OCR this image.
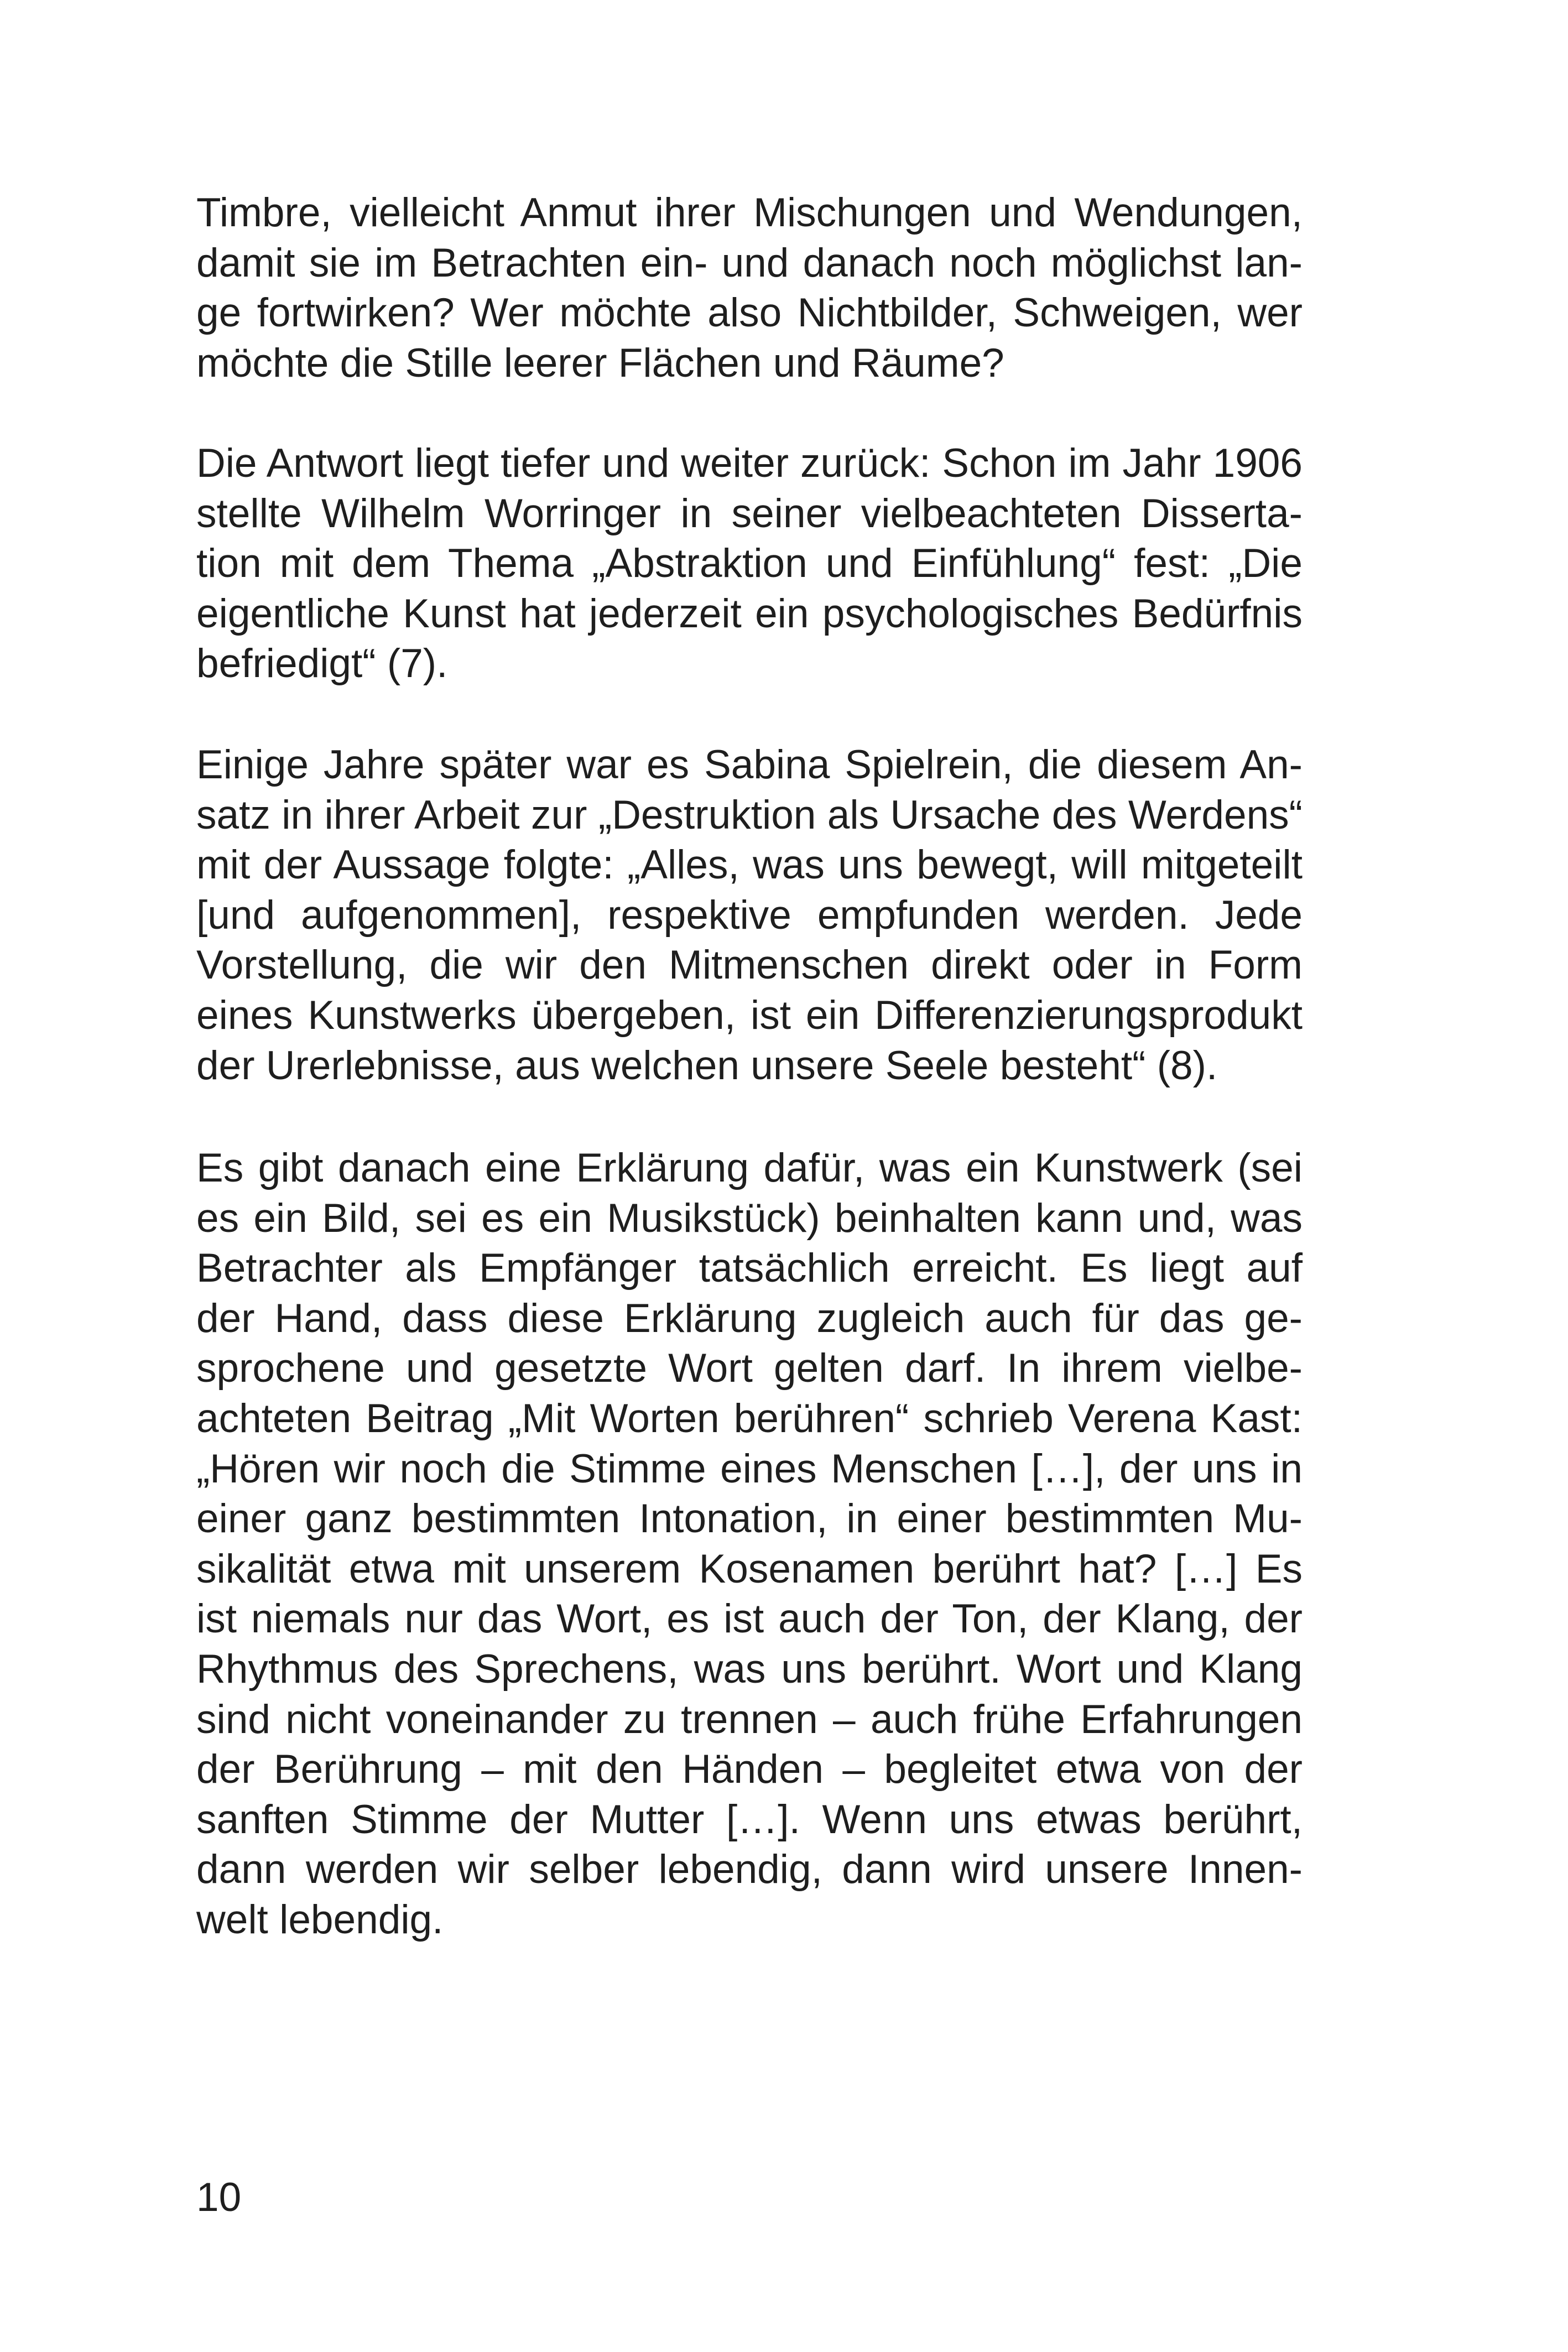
Timbre, vielleicht Anmut ihrer Mischungen und Wendungen,
damit sie im Betrachten ein- und danach noch möglichst lan-
ge fortwirken? Wer möchte also Nichtbilder, Schweigen, wer
möchte die Stille leerer Flächen und Räume?
Die Antwort liegt tiefer und weiter zurück: Schon im Jahr 1906
stellte Wilhelm Worringer in seiner vielbeachteten Disserta-
tion mit dem Thema „Abstraktion und Einfühlung“ fest: „Die
eigentliche Kunst hat jederzeit ein psychologisches Bedürfnis
befriedigt“ (7).
Einige Jahre später war es Sabina Spielrein, die diesem An-
satz in ihrer Arbeit zur „Destruktion als Ursache des Werdens“
mit der Aussage folgte: „Alles, was uns bewegt, will mitgeteilt
[und aufgenommen], respektive empfunden werden. Jede
Vorstellung, die wir den Mitmenschen direkt oder in Form
eines Kunstwerks übergeben, ist ein Differenzierungsprodukt
der Urerlebnisse, aus welchen unsere Seele besteht“ (8).
Es gibt danach eine Erklärung dafür, was ein Kunstwerk (sei
es ein Bild, sei es ein Musikstück) beinhalten kann und, was
Betrachter als Empfänger tatsächlich erreicht. Es liegt auf
der Hand, dass diese Erklärung zugleich auch für das ge-
sprochene und gesetzte Wort gelten darf. In ihrem vielbe-
achteten Beitrag „Mit Worten berühren“ schrieb Verena Kast:
„Hören wir noch die Stimme eines Menschen […], der uns in
einer ganz bestimmten Intonation, in einer bestimmten Mu-
sikalität etwa mit unserem Kosenamen berührt hat? […] Es
ist niemals nur das Wort, es ist auch der Ton, der Klang, der
Rhythmus des Sprechens, was uns berührt. Wort und Klang
sind nicht voneinander zu trennen – auch frühe Erfahrungen
der Berührung – mit den Händen – begleitet etwa von der
sanften Stimme der Mutter […]. Wenn uns etwas berührt,
dann werden wir selber lebendig, dann wird unsere Innen-
welt lebendig.
10
